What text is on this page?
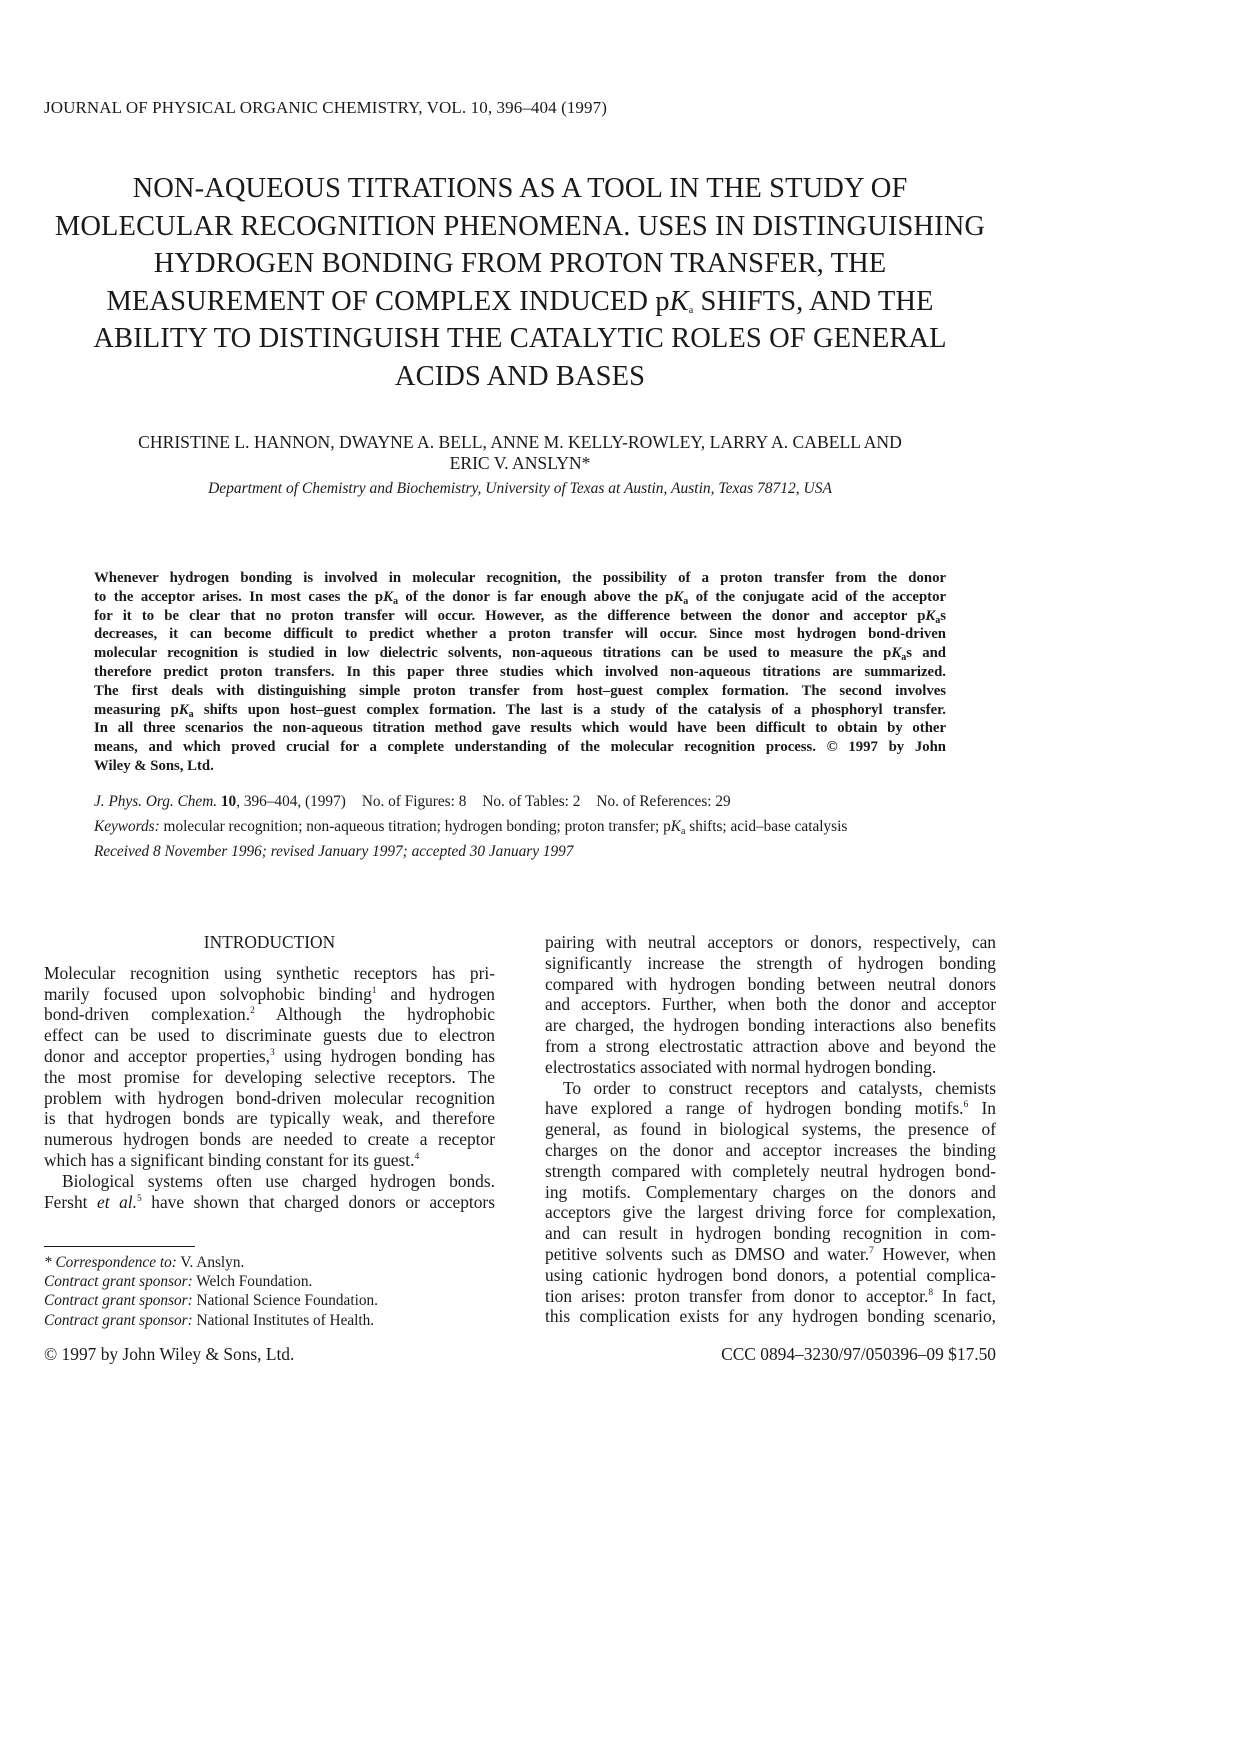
JOURNAL OF PHYSICAL ORGANIC CHEMISTRY, VOL. 10, 396–404 (1997)
NON-AQUEOUS TITRATIONS AS A TOOL IN THE STUDY OF
MOLECULAR RECOGNITION PHENOMENA. USES IN DISTINGUISHING
HYDROGEN BONDING FROM PROTON TRANSFER, THE
MEASUREMENT OF COMPLEX INDUCED $pK_a$ SHIFTS, AND THE
ABILITY TO DISTINGUISH THE CATALYTIC ROLES OF GENERAL
ACIDS AND BASES
CHRISTINE L. HANNON, DWAYNE A. BELL, ANNE M. KELLY-ROWLEY, LARRY A. CABELL AND
ERIC V. ANSLYN*
Department of Chemistry and Biochemistry, University of Texas at Austin, Austin, Texas 78712, USA
Whenever hydrogen bonding is involved in molecular recognition, the possibility of a proton transfer from the donor
to the acceptor arises. In most cases the $pK_a$ of the donor is far enough above the $pK_a$ of the conjugate acid of the acceptor
for it to be clear that no proton transfer will occur. However, as the difference between the donor and acceptor $pK_as$
decreases, it can become difficult to predict whether a proton transfer will occur. Since most hydrogen bond-driven
molecular recognition is studied in low dielectric solvents, non-aqueous titrations can be used to measure the $pK_as$ and
therefore predict proton transfers. In this paper three studies which involved non-aqueous titrations are summarized.
The first deals with distinguishing simple proton transfer from host–guest complex formation. The second involves
measuring $pK_a$ shifts upon host–guest complex formation. The last is a study of the catalysis of a phosphoryl transfer.
In all three scenarios the non-aqueous titration method gave results which would have been difficult to obtain by other
means, and which proved crucial for a complete understanding of the molecular recognition process. © 1997 by John
Wiley & Sons, Ltd.
J. Phys. Org. Chem. 10, 396–404, (1997) No. of Figures: 8 No. of Tables: 2 No. of References: 29
Keywords: molecular recognition; non-aqueous titration; hydrogen bonding; proton transfer; $pK_a$ shifts; acid–base catalysis
Received 8 November 1996; revised January 1997; accepted 30 January 1997
INTRODUCTION
Molecular recognition using synthetic receptors has pri-
marily focused upon solvophobic binding$^1$ and hydrogen
bond-driven complexation.$^2$ Although the hydrophobic
effect can be used to discriminate guests due to electron
donor and acceptor properties,$^3$ using hydrogen bonding has
the most promise for developing selective receptors. The
problem with hydrogen bond-driven molecular recognition
is that hydrogen bonds are typically weak, and therefore
numerous hydrogen bonds are needed to create a receptor
which has a significant binding constant for its guest.$^4$
Biological systems often use charged hydrogen bonds.
Fersht et al.$^5$ have shown that charged donors or acceptors
pairing with neutral acceptors or donors, respectively, can
significantly increase the strength of hydrogen bonding
compared with hydrogen bonding between neutral donors
and acceptors. Further, when both the donor and acceptor
are charged, the hydrogen bonding interactions also benefits
from a strong electrostatic attraction above and beyond the
electrostatics associated with normal hydrogen bonding.
To order to construct receptors and catalysts, chemists
have explored a range of hydrogen bonding motifs.$^6$ In
general, as found in biological systems, the presence of
charges on the donor and acceptor increases the binding
strength compared with completely neutral hydrogen bond-
ing motifs. Complementary charges on the donors and
acceptors give the largest driving force for complexation,
and can result in hydrogen bonding recognition in com-
petitive solvents such as DMSO and water.$^7$ However, when
using cationic hydrogen bond donors, a potential complica-
tion arises: proton transfer from donor to acceptor.$^8$ In fact,
this complication exists for any hydrogen bonding scenario,
* Correspondence to: V. Anslyn.
Contract grant sponsor: Welch Foundation.
Contract grant sponsor: National Science Foundation.
Contract grant sponsor: National Institutes of Health.
© 1997 by John Wiley & Sons, Ltd.	CCC 0894–3230/97/050396–09 $17.50
